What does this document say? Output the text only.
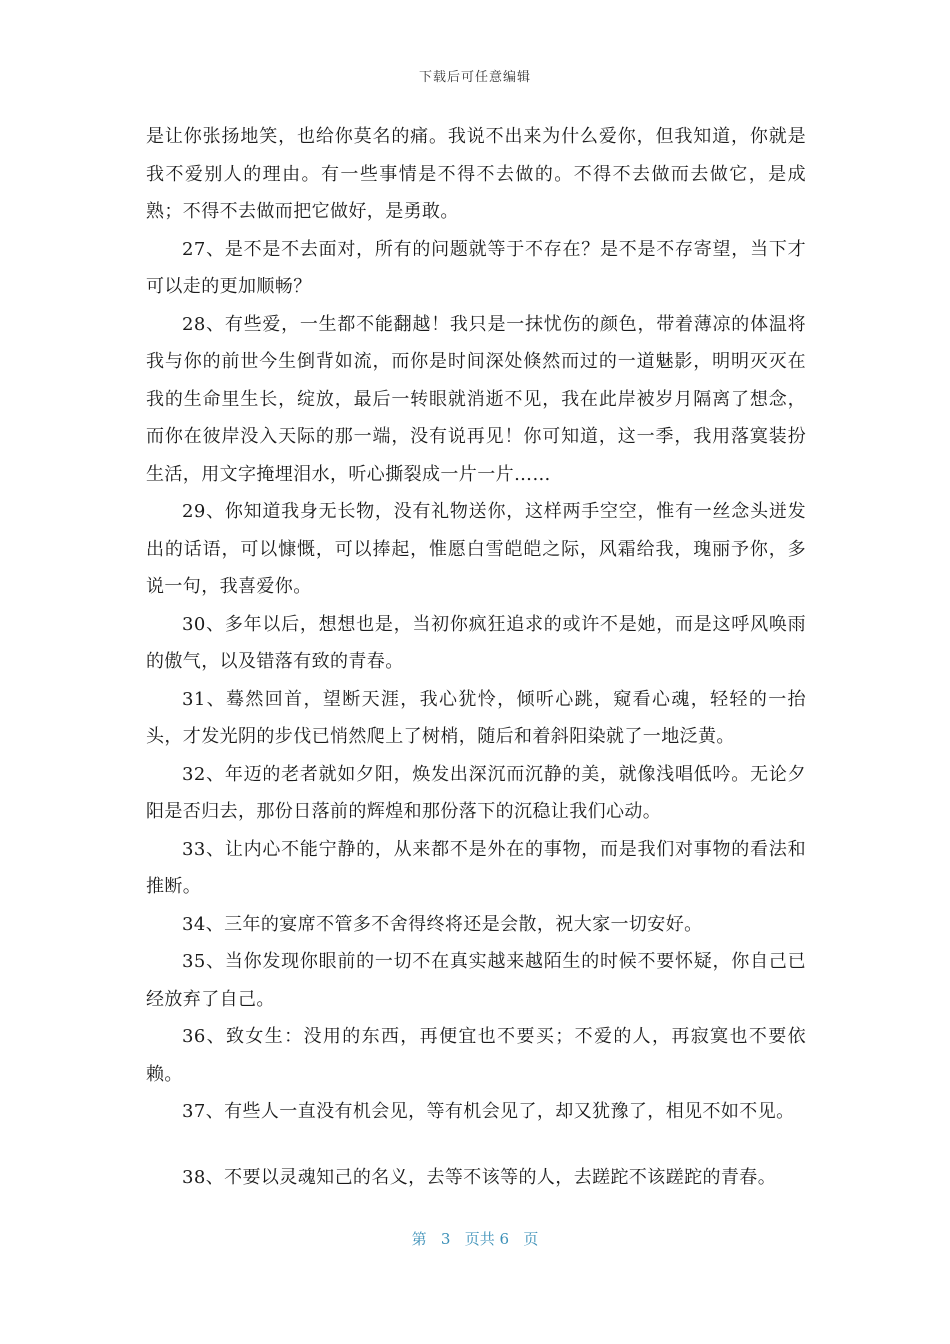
下载后可任意编辑

是让你张扬地笑，也给你莫名的痛。我说不出来为什么爱你，但我知道，你就是我不爱别人的理由。有一些事情是不得不去做的。不得不去做而去做它，是成熟；不得不去做而把它做好，是勇敢。

27、是不是不去面对，所有的问题就等于不存在？是不是不存寄望，当下才可以走的更加顺畅？

28、有些爱，一生都不能翻越！我只是一抹忧伤的颜色，带着薄凉的体温将我与你的前世今生倒背如流，而你是时间深处倏然而过的一道魅影，明明灭灭在我的生命里生长，绽放，最后一转眼就消逝不见，我在此岸被岁月隔离了想念，而你在彼岸没入天际的那一端，没有说再见！你可知道，这一季，我用落寞装扮生活，用文字掩埋泪水，听心撕裂成一片一片……

29、你知道我身无长物，没有礼物送你，这样两手空空，惟有一丝念头迸发出的话语，可以慷慨，可以捧起，惟愿白雪皑皑之际，风霜给我，瑰丽予你，多说一句，我喜爱你。

30、多年以后，想想也是，当初你疯狂追求的或许不是她，而是这呼风唤雨的傲气，以及错落有致的青春。

31、蓦然回首，望断天涯，我心犹怜，倾听心跳，窥看心魂，轻轻的一抬头，才发光阴的步伐已悄然爬上了树梢，随后和着斜阳染就了一地泛黄。

32、年迈的老者就如夕阳，焕发出深沉而沉静的美，就像浅唱低吟。无论夕阳是否归去，那份日落前的辉煌和那份落下的沉稳让我们心动。

33、让内心不能宁静的，从来都不是外在的事物，而是我们对事物的看法和推断。

34、三年的宴席不管多不舍得终将还是会散，祝大家一切安好。

35、当你发现你眼前的一切不在真实越来越陌生的时候不要怀疑，你自己已经放弃了自己。

36、致女生：没用的东西，再便宜也不要买；不爱的人，再寂寞也不要依赖。

37、有些人一直没有机会见，等有机会见了，却又犹豫了，相见不如不见。

38、不要以灵魂知己的名义，去等不该等的人，去蹉跎不该蹉跎的青春。

第 3 页共 6 页
